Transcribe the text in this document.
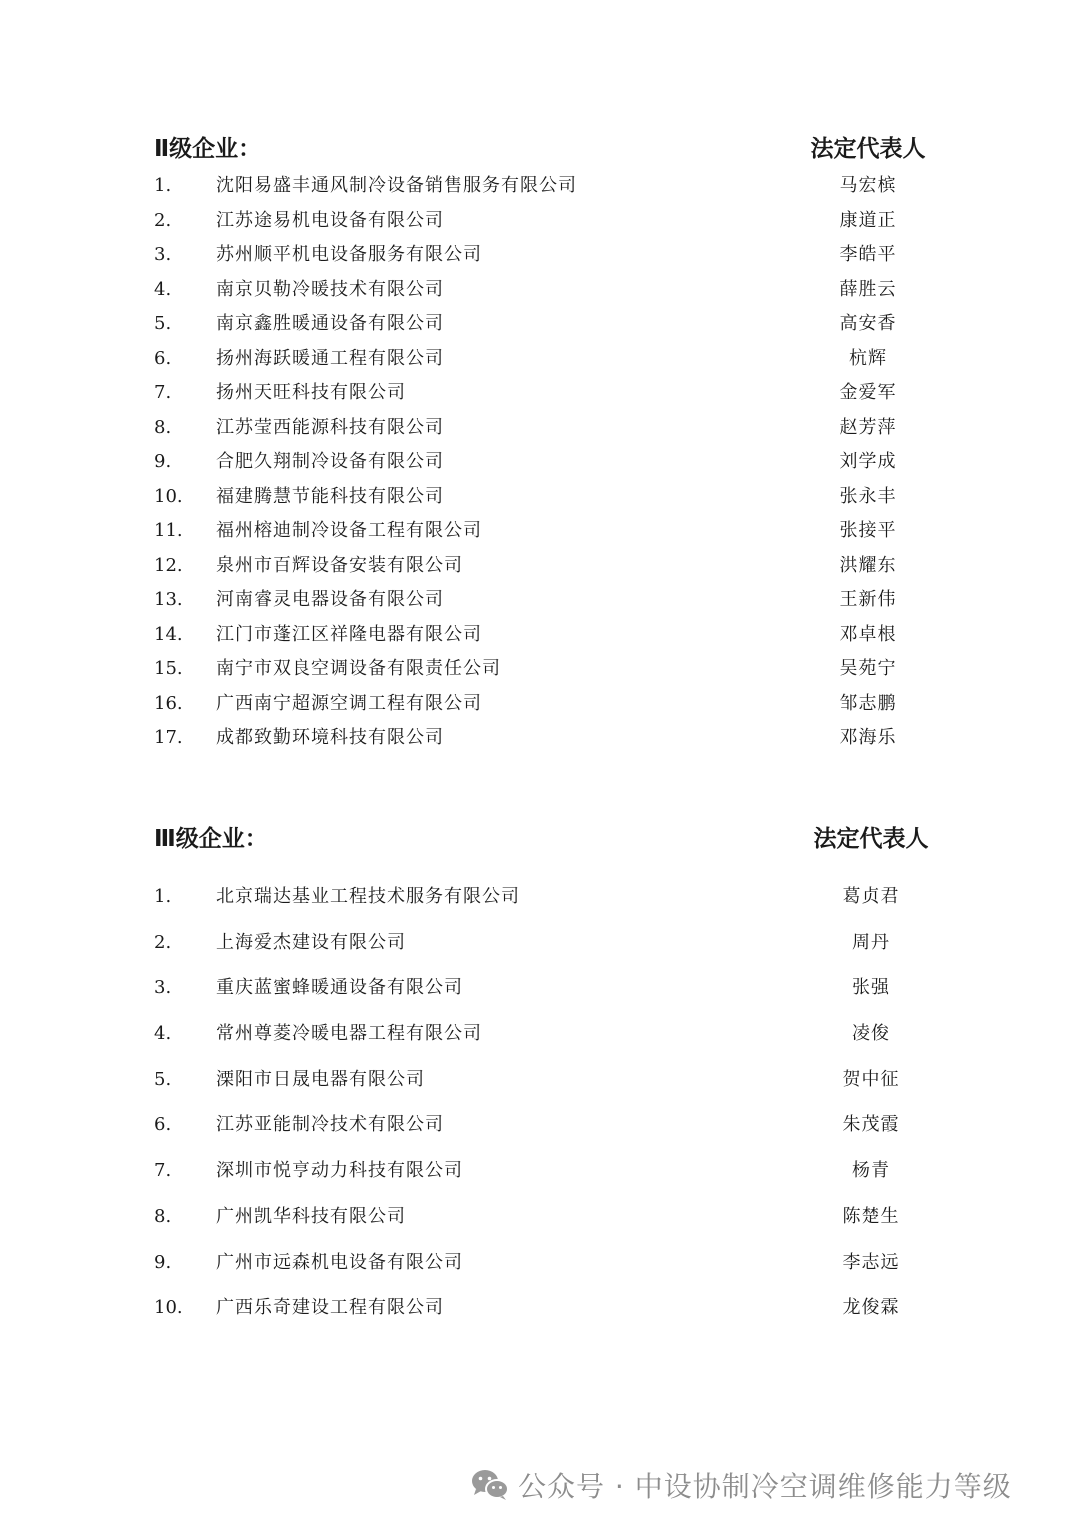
Ⅱ级企业：	法定代表人
1. 沈阳易盛丰通风制冷设备销售服务有限公司	马宏槟
2. 江苏途易机电设备有限公司	康道正
3. 苏州顺平机电设备服务有限公司	李皓平
4. 南京贝勒冷暖技术有限公司	薛胜云
5. 南京鑫胜暖通设备有限公司	高安香
6. 扬州海跃暖通工程有限公司	杭辉
7. 扬州天旺科技有限公司	金爱军
8. 江苏莹西能源科技有限公司	赵芳萍
9. 合肥久翔制冷设备有限公司	刘学成
10. 福建腾慧节能科技有限公司	张永丰
11. 福州榕迪制冷设备工程有限公司	张接平
12. 泉州市百辉设备安装有限公司	洪耀东
13. 河南睿灵电器设备有限公司	王新伟
14. 江门市蓬江区祥隆电器有限公司	邓卓根
15. 南宁市双良空调设备有限责任公司	吴苑宁
16. 广西南宁超源空调工程有限公司	邹志鹏
17. 成都致勤环境科技有限公司	邓海乐
Ⅲ级企业：	法定代表人
1. 北京瑞达基业工程技术服务有限公司	葛贞君
2. 上海爱杰建设有限公司	周丹
3. 重庆蓝蜜蜂暖通设备有限公司	张强
4. 常州尊菱冷暖电器工程有限公司	凌俊
5. 溧阳市日晟电器有限公司	贺中征
6. 江苏亚能制冷技术有限公司	朱茂霞
7. 深圳市悦亨动力科技有限公司	杨青
8. 广州凯华科技有限公司	陈楚生
9. 广州市远森机电设备有限公司	李志远
10. 广西乐奇建设工程有限公司	龙俊霖
公众号 · 中设协制冷空调维修能力等级
